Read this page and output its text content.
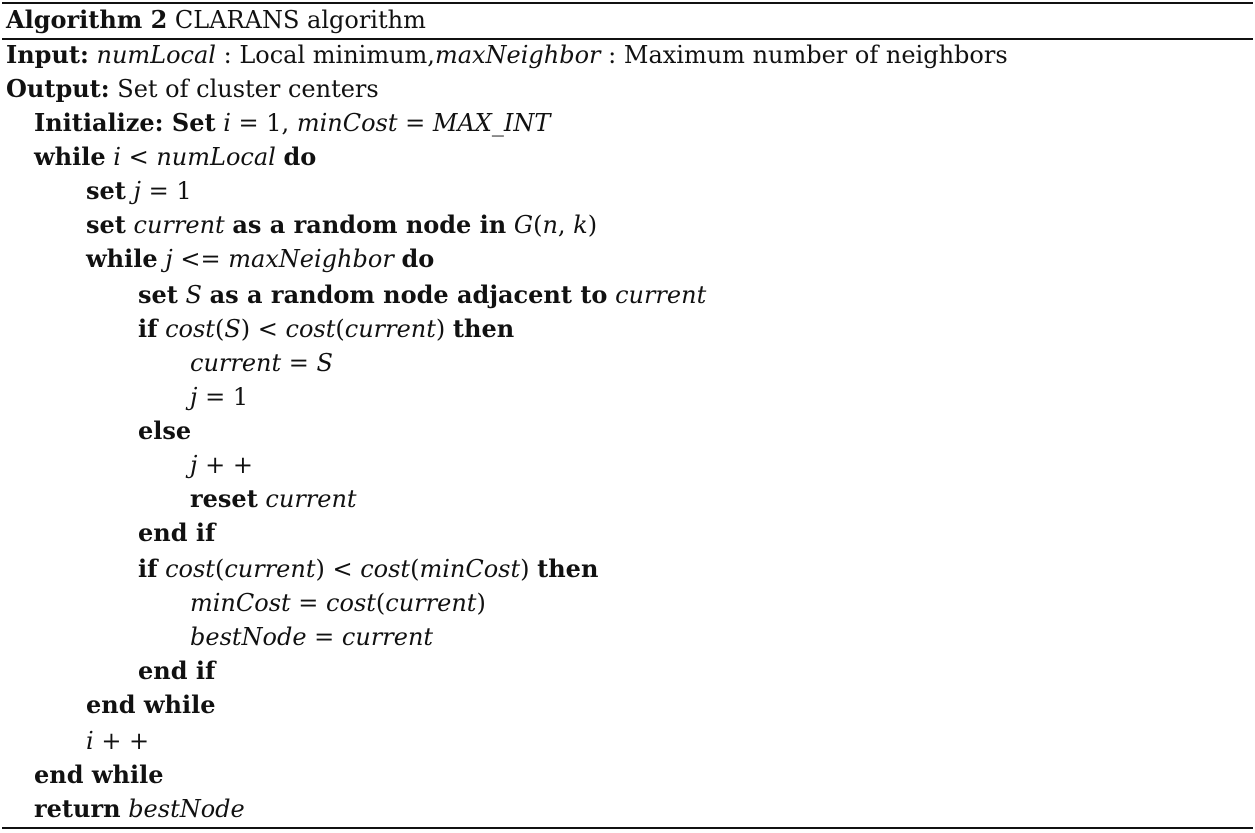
Algorithm 2 CLARANS algorithm
Input: numLocal : Local minimum,maxNeighbor : Maximum number of neighbors
Output: Set of cluster centers
Initialize: Set i = 1, minCost = MAX_INT
while i < numLocal do
set j = 1
set current as a random node in G(n, k)
while j <= maxNeighbor do
set S as a random node adjacent to current
if cost(S) < cost(current) then
current = S
j = 1
else
j + +
reset current
end if
if cost(current) < cost(minCost) then
minCost = cost(current)
bestNode = current
end if
end while
i + +
end while
return bestNode
